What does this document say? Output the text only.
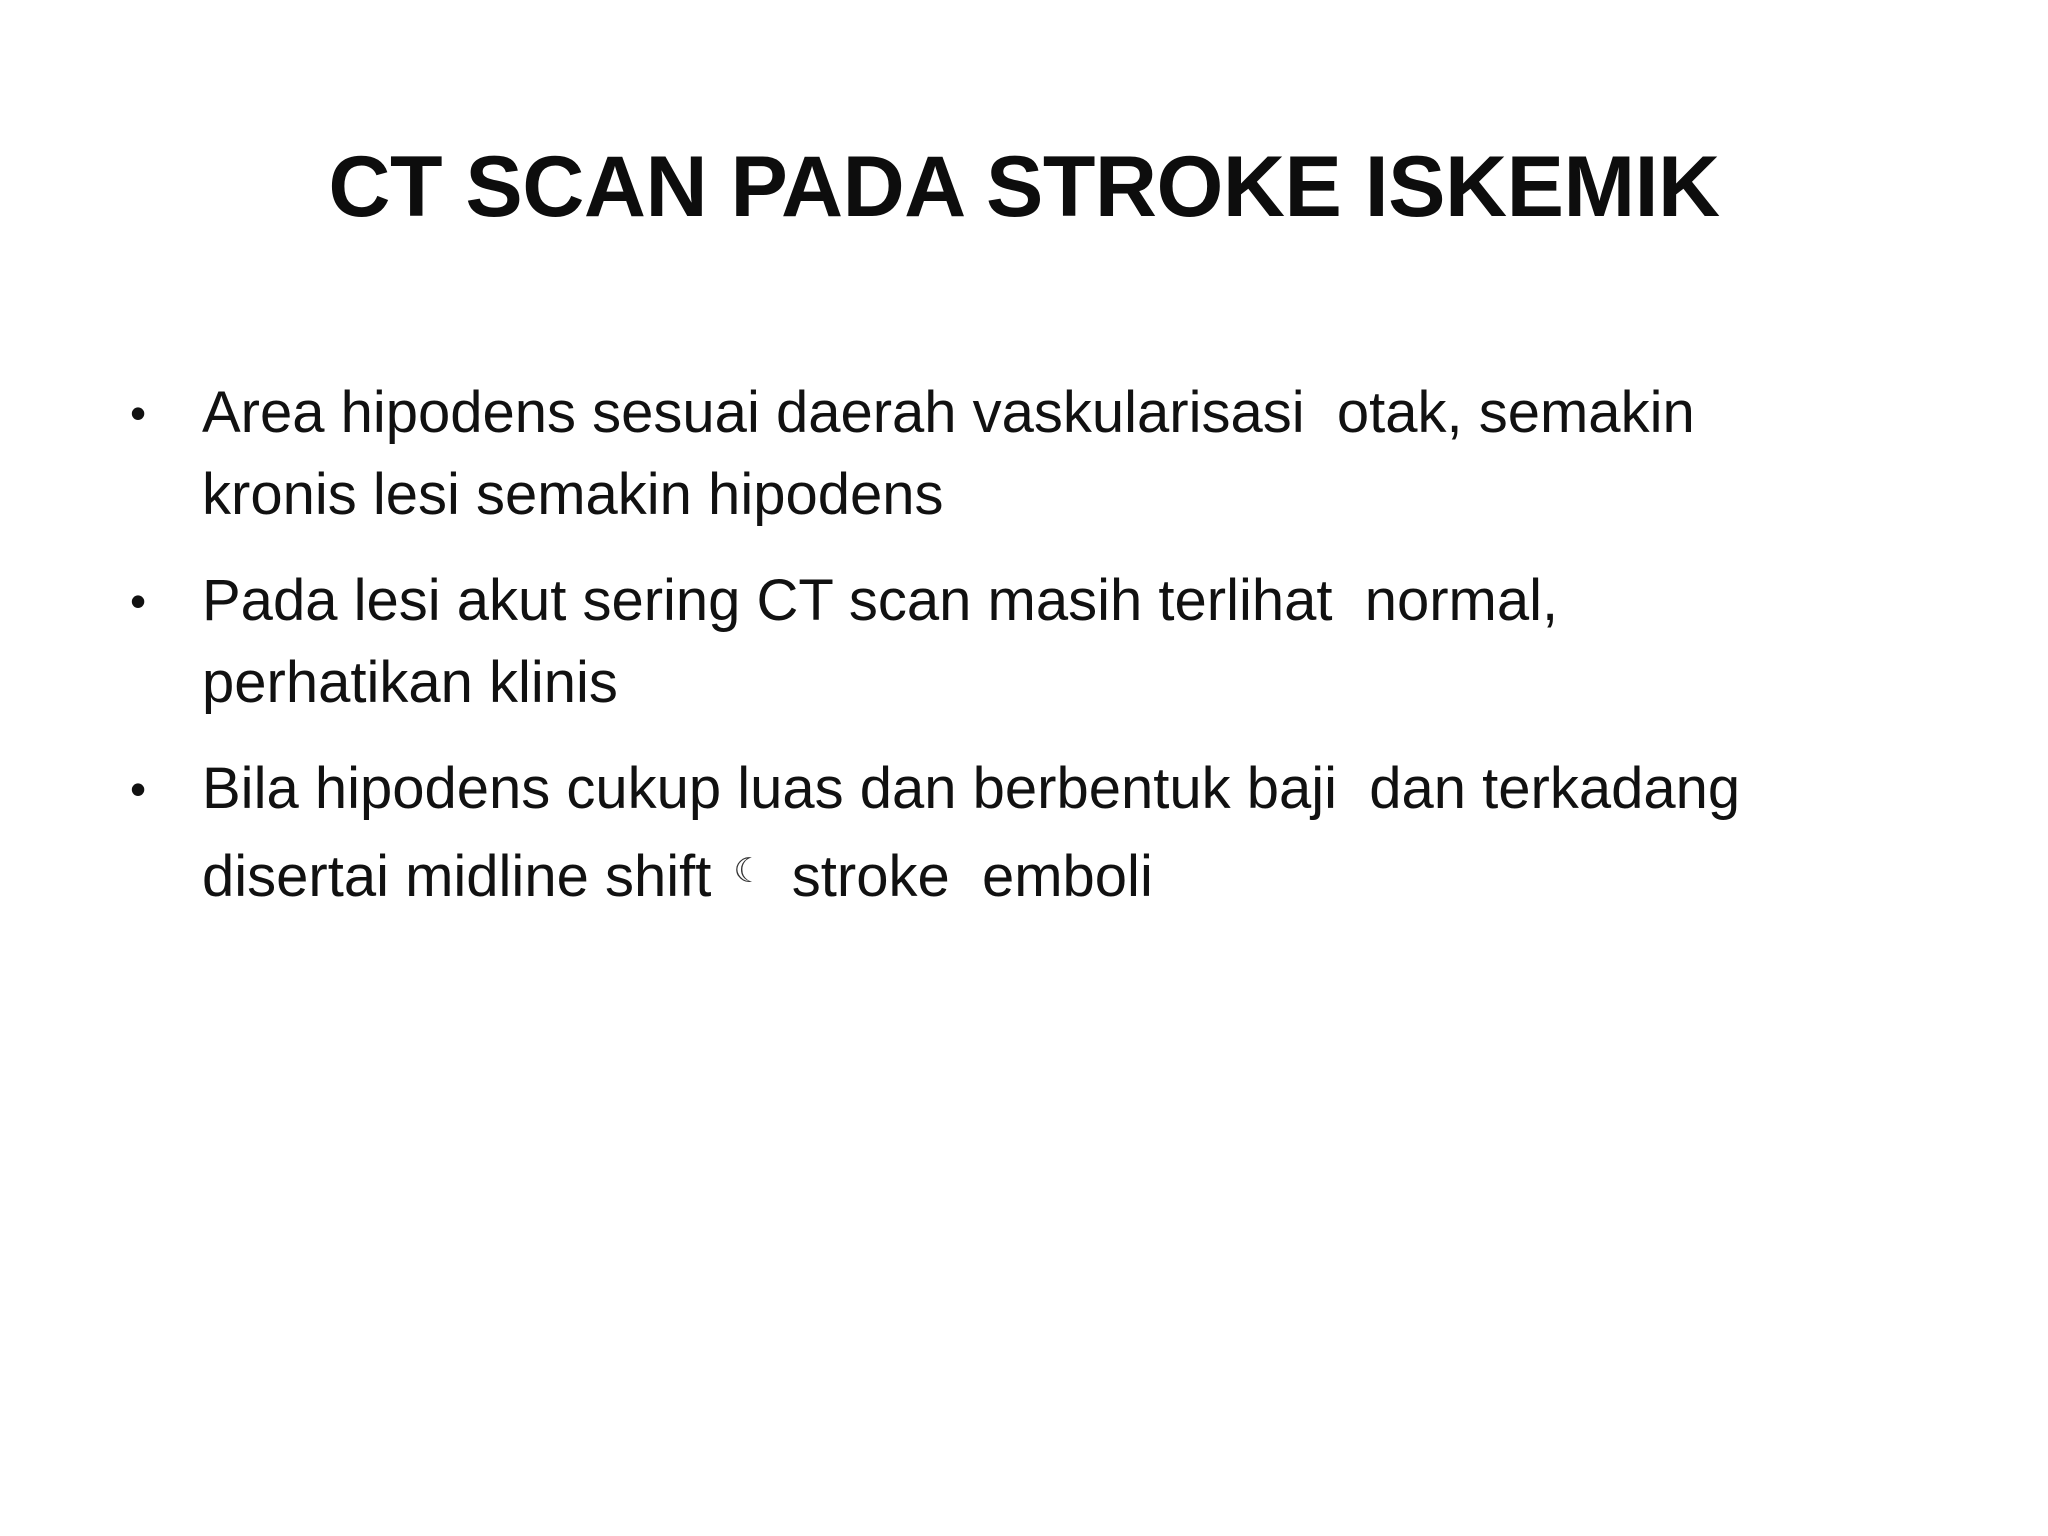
CT SCAN PADA STROKE ISKEMIK
• Area hipodens sesuai daerah vaskularisasi  otak, semakin
kronis lesi semakin hipodens
• Pada lesi akut sering CT scan masih terlihat  normal,
perhatikan klinis
• Bila hipodens cukup luas dan berbentuk baji  dan terkadang
disertai midline shift ☾ stroke  emboli
